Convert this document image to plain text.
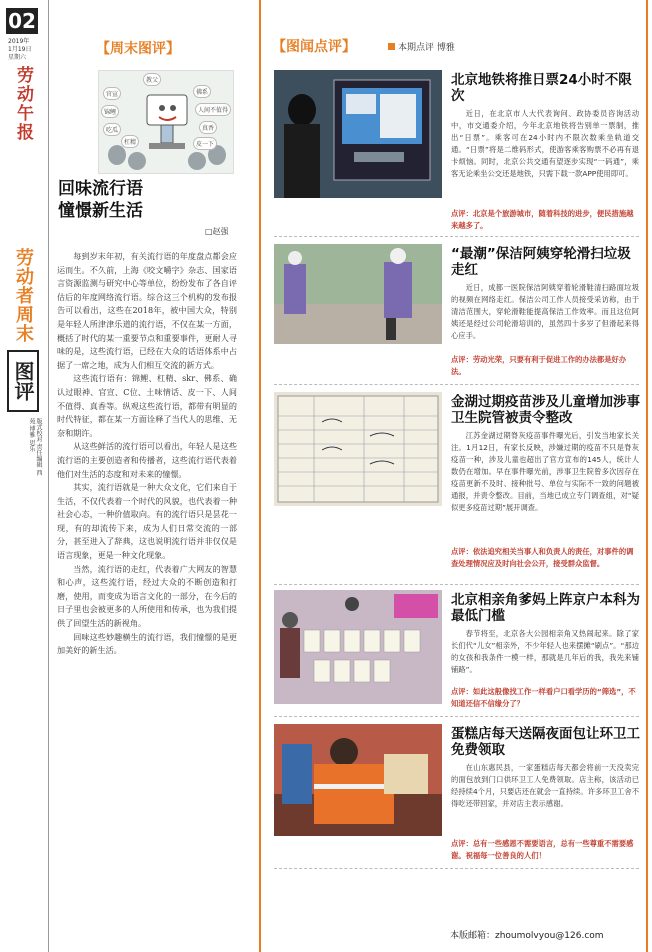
02
2019年
1月19日
星期六
劳动午报
劳动者周末
图评
版式校对 责任编辑 西苑 博雅 思乐
【周末图评】
教父
官宣	佛系
锦鲤	人间不值得
吃瓜	真香
杠精	皮一下
回味流行语
憧憬新生活
□赵强

每到岁末年初，有关流行语的年度盘点都会应运而生。不久前，上海《咬文嚼字》杂志、国家语言资源监测与研究中心等单位，纷纷发布了各自评估后的年度网络流行语。综合这三个机构的发布报告可以看出，这些在2018年，被中国大众，特别是年轻人所津津乐道的流行语，不仅在某一方面，概括了时代的某一重要节点和重要事件，更耐人寻味的是，这些流行语，已经在大众的话语体系中占据了一席之地，成为人们相互交流的新方式。

这些流行语有：锦鲤、杠精、skr、佛系、确认过眼神、官宣、C位、土味情话、皮一下、人间不值得、真香等。纵观这些流行语，都带有明显的时代特征，都在某一方面诠释了当代人的思维、无奈和期许。

从这些鲜活的流行语可以看出，年轻人是这些流行语的主要创造者和传播者，这些流行语代表着他们对生活的态度和对未来的憧憬。

其实，流行语就是一种大众文化，它们来自于生活，不仅代表着一个时代的风貌，也代表着一种社会心态，一种价值取向。有的流行语只是昙花一现，有的却流传下来，成为人们日常交流的一部分，甚至进入了辞典，这也说明流行语并非仅仅是语言现象，更是一种文化现象。

当然，流行语的走红，代表着广大网友的智慧和心声，这些流行语，经过大众的不断创造和打磨，使用，而变成为语言文化的一部分，在今后的日子里也会被更多的人所使用和传承，也为我们提供了回望生活的新视角。

回味这些妙趣横生的流行语，我们憧憬的是更加美好的新生活。

【图闻点评】	本期点评 博雅
北京地铁将推日票24小时不限次
近日，在北京市人大代表询问、政协委员咨询活动中，市交通委介绍，今年北京地铁将告别单一票制，推出“日票”。乘客可在24小时内不限次数乘坐轨道交通。“日票”将是二维码形式，使游客乘客购票不必再有退卡烦恼。同时，北京公共交通有望逐步实现“一码通”，乘客无论乘坐公交还是地铁，只需下载一款APP使用即可。
点评：北京是个旅游城市，随着科技的进步，便民措施越来越多了。
“最潮”保洁阿姨穿轮滑扫垃圾走红
近日，成都一医院保洁阿姨穿着轮滑鞋清扫路面垃圾的视频在网络走红。保洁公司工作人员接受采访称，由于清洁范围大，穿轮滑鞋能提高保洁工作效率。而且这位阿姨还是经过公司轮滑培训的，虽然四十多岁了但滑起来得心应手。
点评：劳动光荣，只要有利于促进工作的办法都是好办法。
金湖过期疫苗涉及儿童增加涉事卫生院管被责令整改
江苏金湖过期脊灰疫苗事件曝光后，引发当地家长关注。1月12日，有家长反映，涉嫌过期的疫苗不只是脊灰疫苗一种，涉及儿童也超出了官方宣布的145人，统计人数仍在增加。早在事件曝光前，涉事卫生院曾多次因存在疫苗更新不及时、接种批号、单位与实际不一致的问题被通报，并责令整改。目前，当地已成立专门调查组，对“疑似更多疫苗过期”展开调查。
点评：依法追究相关当事人和负责人的责任，对事件的调查处理情况应及时向社会公开，接受群众监督。
北京相亲角爹妈上阵京户本科为最低门槛
春节将至，北京各大公园相亲角又热闹起来。除了家长们代“儿女”相亲外，不少年轻人也来摆摊“刷点”。“那边的女孩和我条件一模一样，那就是几年后的我，我先来铺铺路”。
点评：如此这般像找工作一样看户口看学历的“筛选”，不知道还信不信缘分了？
蛋糕店每天送隔夜面包让环卫工免费领取
在山东惠民县，一家蛋糕店每天都会将前一天没卖完的面包放到门口供环卫工人免费领取。店主称，该活动已经持续4个月，只要店还在就会一直持续。许多环卫工舍不得吃还带回家，并对店主表示感谢。
点评：总有一些感恩不需要语言，总有一些尊重不需要感谢。祝福每一位善良的人们！
本版邮箱：zhoumolvyou@126.com
